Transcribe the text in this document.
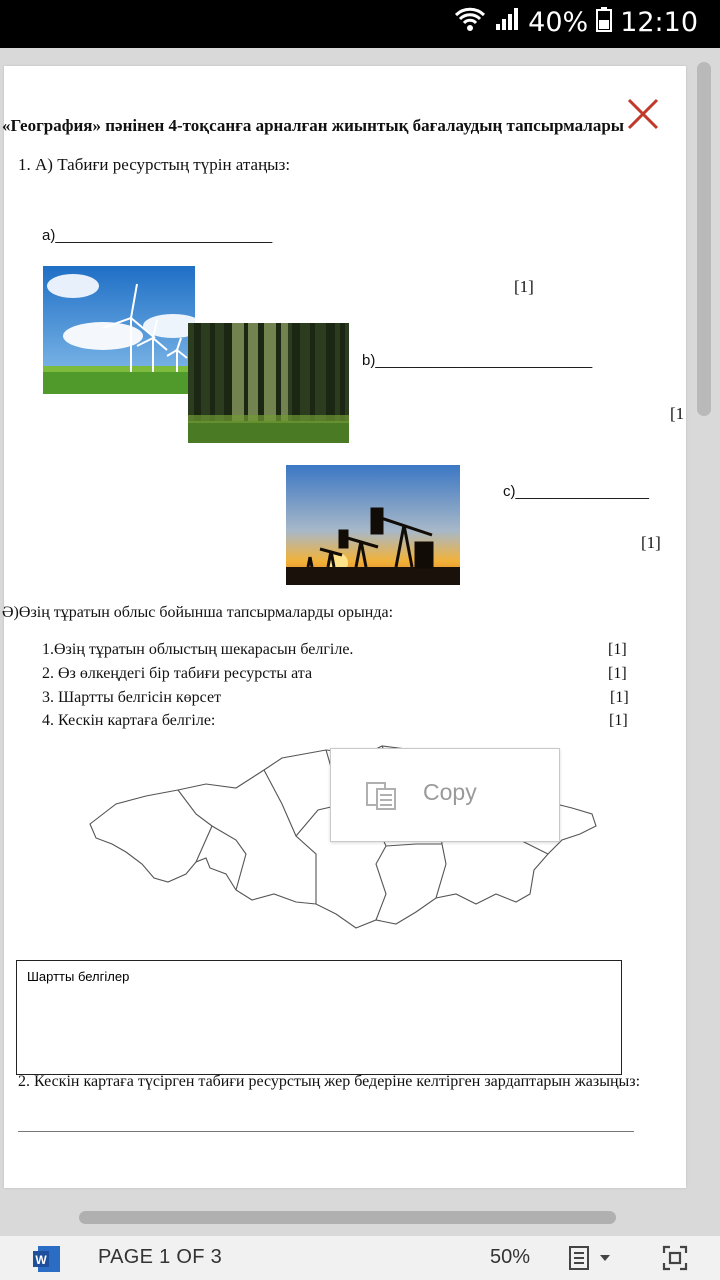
40% 12:10
«География» пәнінен 4-тоқсанға арналған жиынтық бағалаудың тапсырмалары
1. А) Табиғи ресурстың түрін атаңыз:
a)__________________________
[1]
b)__________________________
[1
c)________________
[1]
Ә)Өзің тұратын облыс бойынша тапсырмаларды орында:
1.Өзің тұратын облыстың шекарасын белгіле.	[1]
2. Өз өлкеңдегі бір табиғи ресурсты ата	[1]
3. Шартты белгісін көрсет	[1]
4. Кескін картаға белгіле:	[1]
Copy
Шартты белгілер
2. Кескін картаға түсірген табиғи ресурстың жер бедеріне келтірген зардаптарын жазыңыз:
W	PAGE 1 OF 3	50%
